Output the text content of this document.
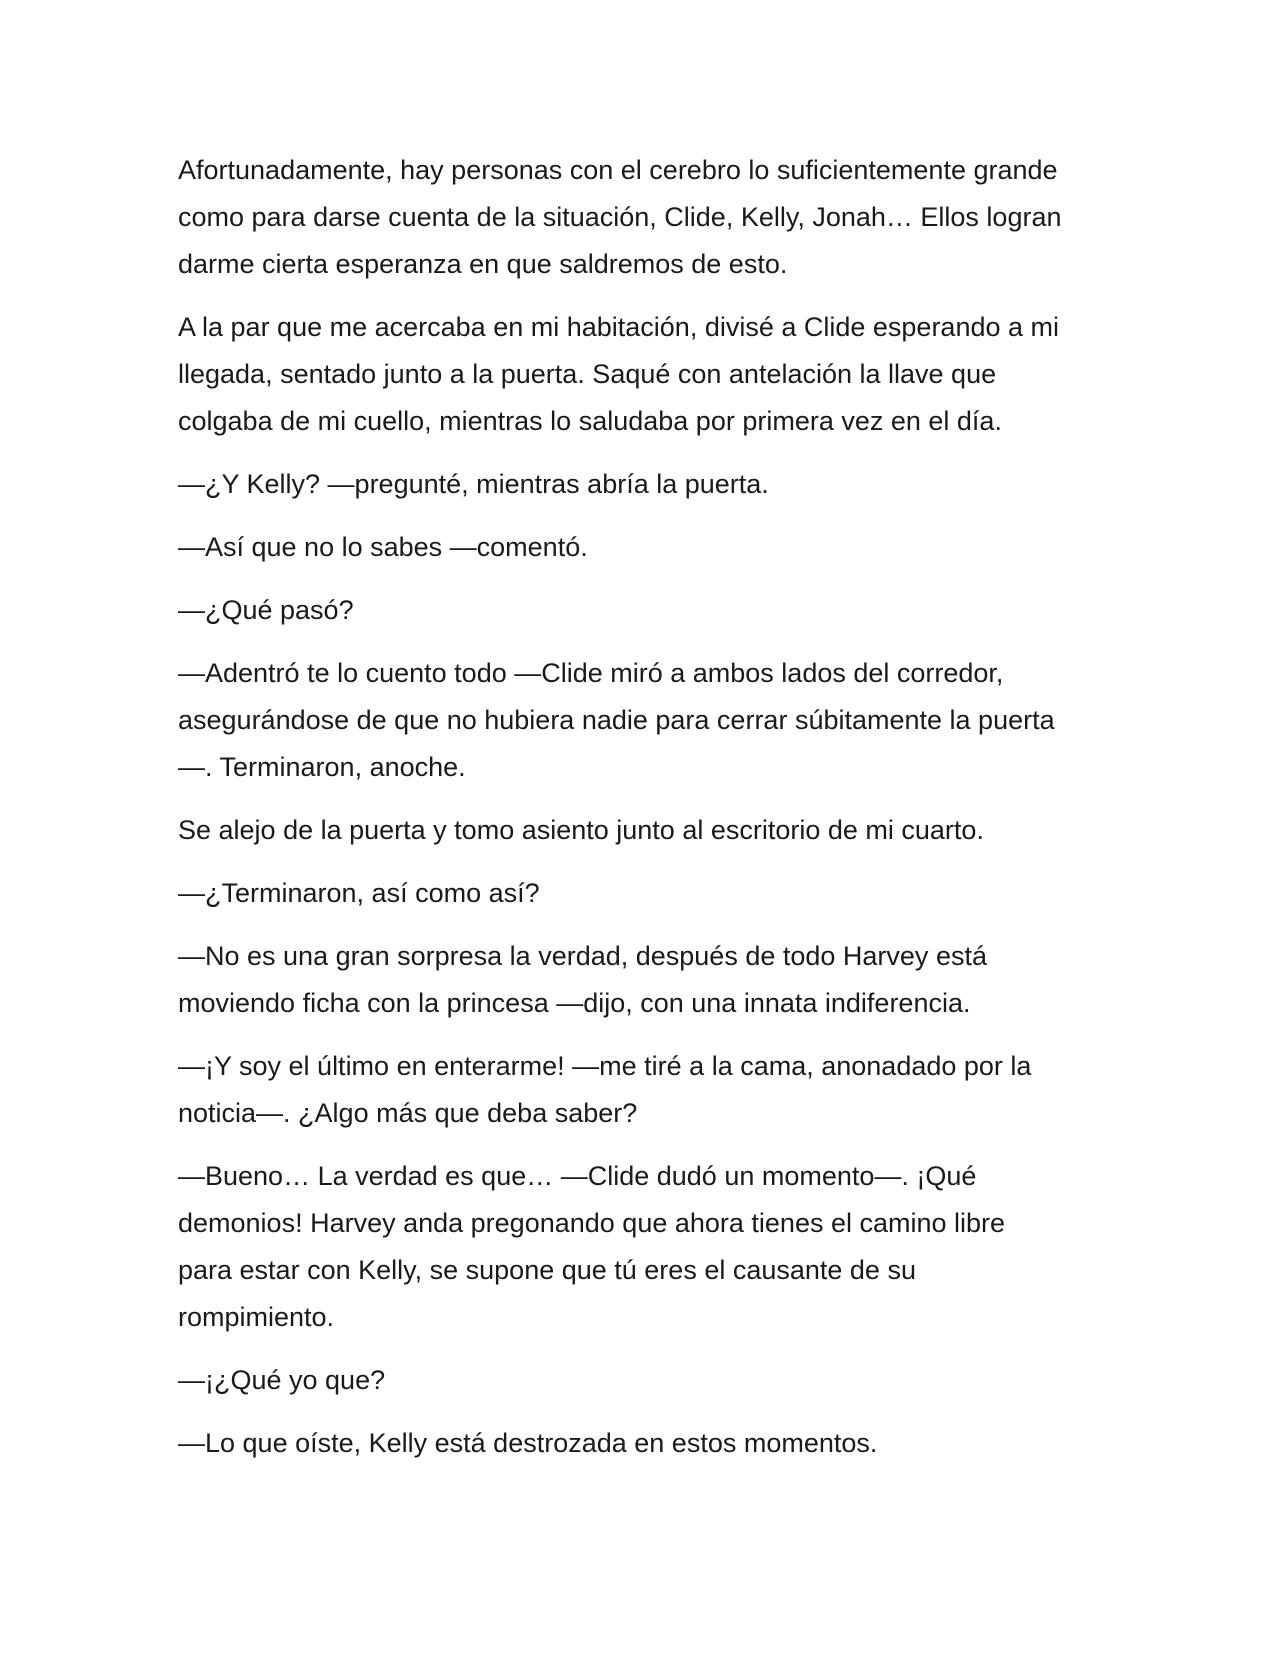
Afortunadamente, hay personas con el cerebro lo suficientemente grande

como para darse cuenta de la situación, Clide, Kelly, Jonah… Ellos logran

darme cierta esperanza en que saldremos de esto.

A la par que me acercaba en mi habitación, divisé a Clide esperando a mi

llegada, sentado junto a la puerta. Saqué con antelación la llave que

colgaba de mi cuello, mientras lo saludaba por primera vez en el día.

—¿Y Kelly? —pregunté, mientras abría la puerta.

—Así que no lo sabes —comentó.

—¿Qué pasó?

—Adentró te lo cuento todo —Clide miró a ambos lados del corredor,

asegurándose de que no hubiera nadie para cerrar súbitamente la puerta

—. Terminaron, anoche.

Se alejo de la puerta y tomo asiento junto al escritorio de mi cuarto.

—¿Terminaron, así como así?

—No es una gran sorpresa la verdad, después de todo Harvey está

moviendo ficha con la princesa —dijo, con una innata indiferencia.

—¡Y soy el último en enterarme! —me tiré a la cama, anonadado por la

noticia—. ¿Algo más que deba saber?

—Bueno… La verdad es que… —Clide dudó un momento—. ¡Qué

demonios! Harvey anda pregonando que ahora tienes el camino libre

para estar con Kelly, se supone que tú eres el causante de su

rompimiento.

—¡¿Qué yo que?

—Lo que oíste, Kelly está destrozada en estos momentos.
